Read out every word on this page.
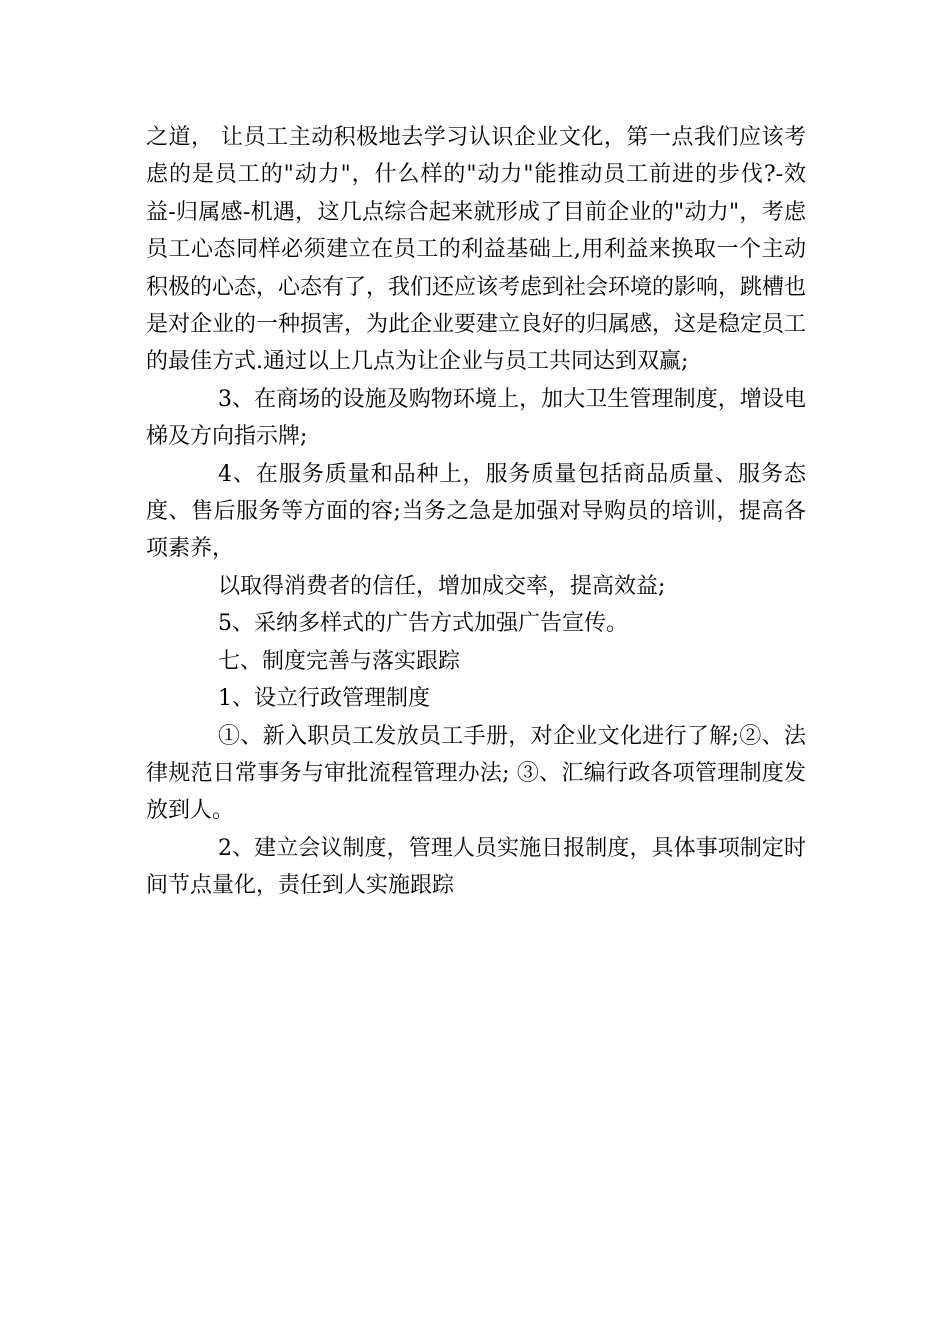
之道， 让员工主动积极地去学习认识企业文化，第一点我们应该考虑的是员工的"动力"，什么样的"动力"能推动员工前进的步伐?-效益-归属感-机遇，这几点综合起来就形成了目前企业的"动力"，考虑员工心态同样必须建立在员工的利益基础上,用利益来换取一个主动积极的心态，心态有了，我们还应该考虑到社会环境的影响，跳槽也是对企业的一种损害，为此企业要建立良好的归属感，这是稳定员工的最佳方式.通过以上几点为让企业与员工共同达到双赢;

3、在商场的设施及购物环境上，加大卫生管理制度，增设电梯及方向指示牌;

4、在服务质量和品种上，服务质量包括商品质量、服务态度、售后服务等方面的容;当务之急是加强对导购员的培训，提高各项素养，

以取得消费者的信任，增加成交率，提高效益;

5、采纳多样式的广告方式加强广告宣传。

七、制度完善与落实跟踪

1、设立行政管理制度

①、新入职员工发放员工手册，对企业文化进行了解;②、法律规范日常事务与审批流程管理办法; ③、汇编行政各项管理制度发放到人。

2、建立会议制度，管理人员实施日报制度，具体事项制定时间节点量化，责任到人实施跟踪
